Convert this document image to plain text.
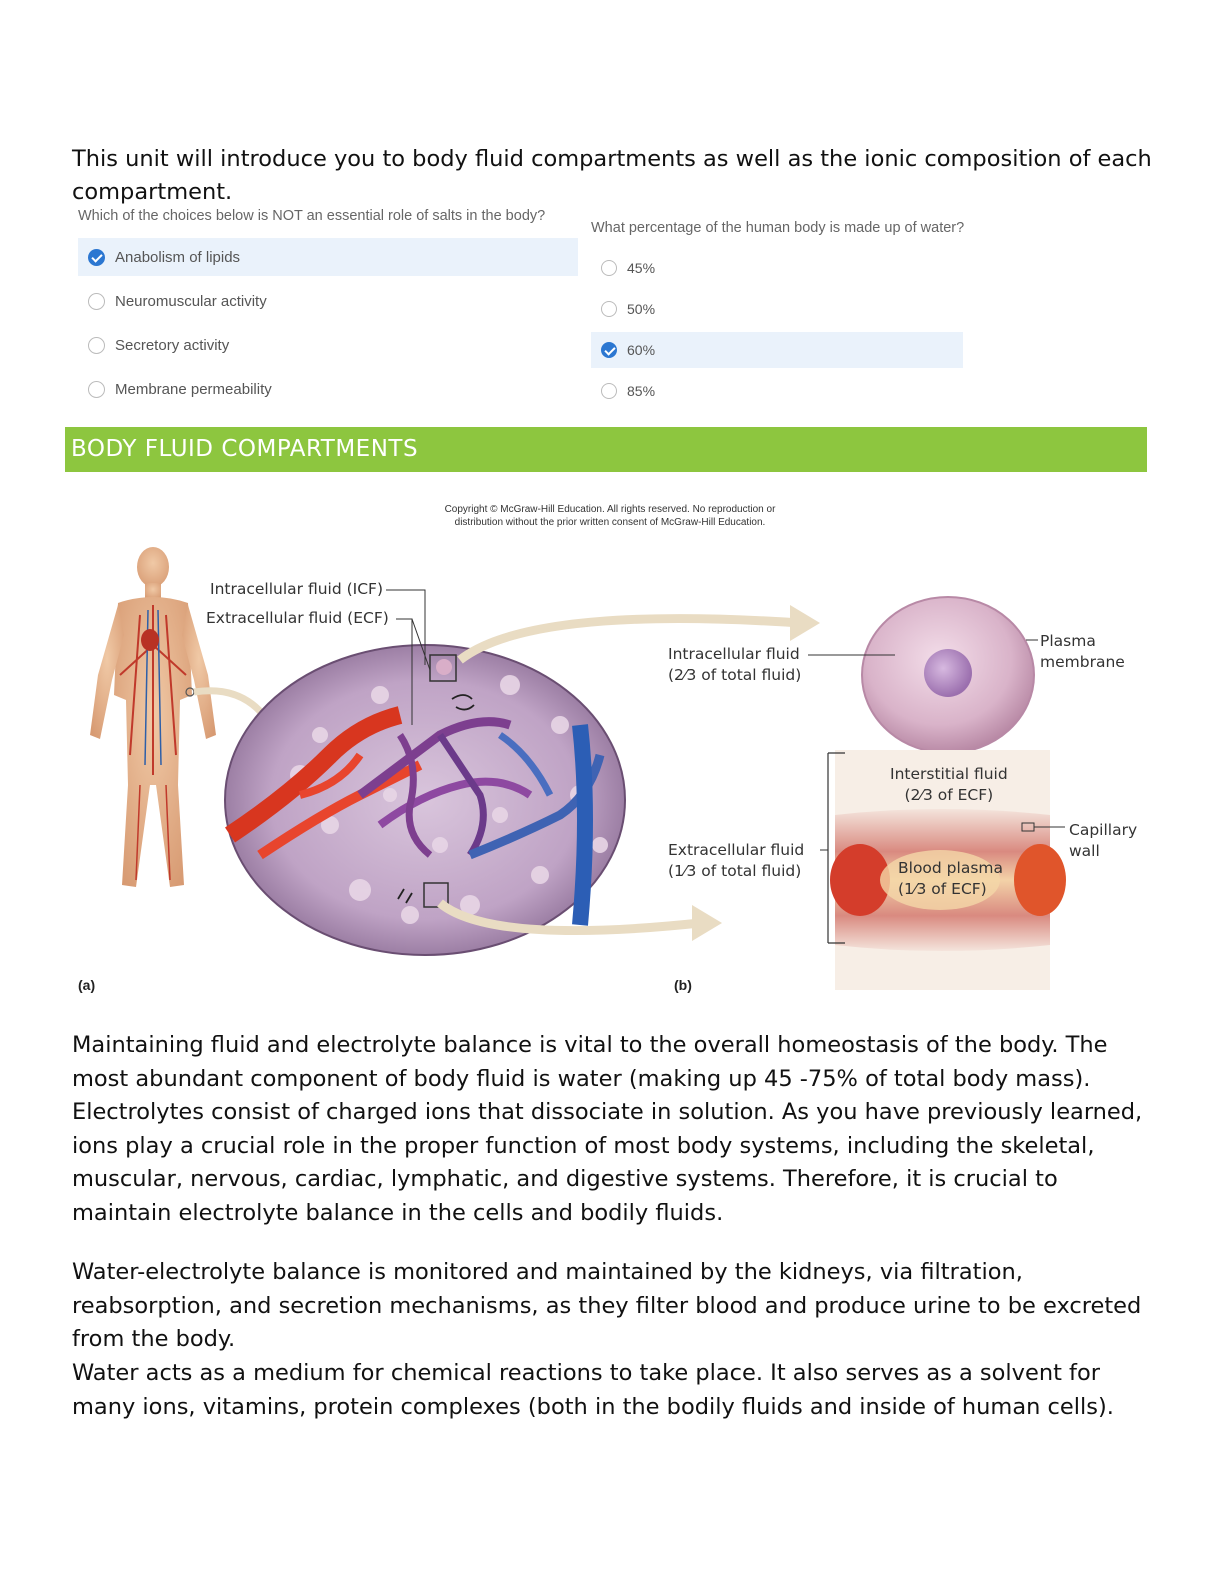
This unit will introduce you to body fluid compartments as well as the ionic composition of each compartment.

Which of the choices below is NOT an essential role of salts in the body?

Anabolism of lipids
Neuromuscular activity
Secretory activity
Membrane permeability

What percentage of the human body is made up of water?

45%
50%
60%
85%
BODY FLUID COMPARTMENTS
Copyright © McGraw-Hill Education. All rights reserved. No reproduction or
distribution without the prior written consent of McGraw-Hill Education.
Intracellular fluid (ICF)
Extracellular fluid (ECF)
Intracellular fluid
(2⁄3 of total fluid)
Plasma
membrane
Interstitial fluid
(2⁄3 of ECF)
Capillary
wall
Extracellular fluid
(1⁄3 of total fluid)	Blood plasma
(1⁄3 of ECF)
(a)	(b)

Maintaining fluid and electrolyte balance is vital to the overall homeostasis of the body. The most abundant component of body fluid is water (making up 45 -75% of total body mass). Electrolytes consist of charged ions that dissociate in solution. As you have previously learned, ions play a crucial role in the proper function of most body systems, including the skeletal, muscular, nervous, cardiac, lymphatic, and digestive systems. Therefore, it is crucial to maintain electrolyte balance in the cells and bodily fluids.

Water-electrolyte balance is monitored and maintained by the kidneys, via filtration, reabsorption, and secretion mechanisms, as they filter blood and produce urine to be excreted from the body.

Water acts as a medium for chemical reactions to take place. It also serves as a solvent for many ions, vitamins, protein complexes (both in the bodily fluids and inside of human cells).
